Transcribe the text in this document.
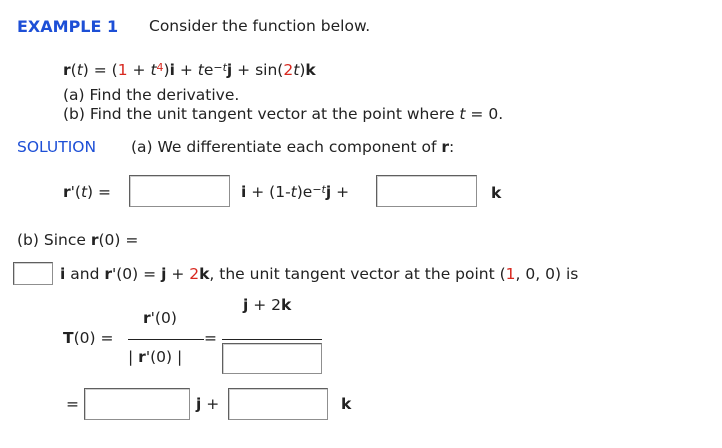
EXAMPLE 1 Consider the function below.
$r(t) = (1 + t^4)i + te^{-t}j + \sin(2t)k$
(a) Find the derivative.
(b) Find the unit tangent vector at the point where t = 0.
SOLUTION (a) We differentiate each component of r:
r'(t) =	$i + (1-t)e^{-t}j$ +	k
(b) Since r(0) =
i and r'(0) = j + 2k, the unit tangent vector at the point (1, 0, 0) is
T(0) =
r'(0)
| r'(0) |
=
j + 2k
=	j +	k
